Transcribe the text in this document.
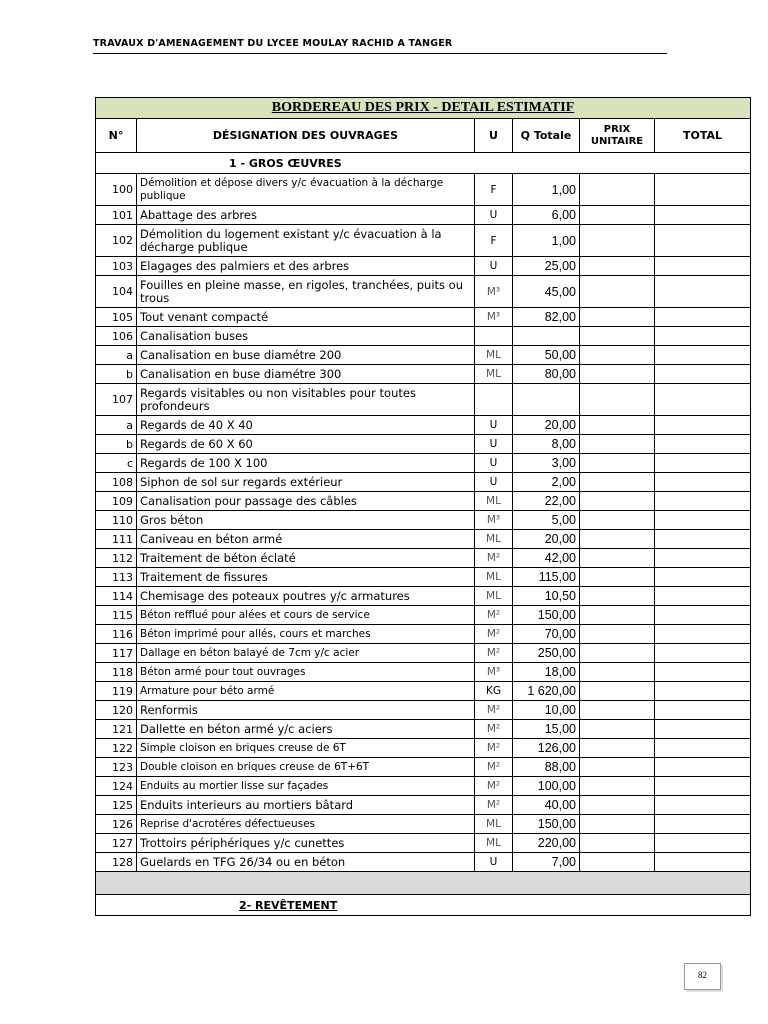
TRAVAUX D'AMENAGEMENT DU LYCEE MOULAY RACHID A TANGER
BORDEREAU DES PRIX - DETAIL ESTIMATIF					
N°	DÉSIGNATION DES OUVRAGES	U	Q Totale	PRIX UNITAIRE	TOTAL
1 - GROS ŒUVRES					
100	Démolition et dépose divers y/c évacuation à la décharge publique	F	1,00		
101	Abattage des arbres	U	6,00		
102	Démolition du logement existant y/c évacuation à la décharge publique	F	1,00		
103	Elagages des palmiers et des arbres	U	25,00		
104	Fouilles en pleine masse, en rigoles, tranchées, puits ou trous	M³	45,00		
105	Tout venant compacté	M³	82,00		
106	Canalisation buses				
a	Canalisation en buse diamétre 200	ML	50,00		
b	Canalisation en buse diamétre 300	ML	80,00		
107	Regards visitables ou non visitables pour toutes profondeurs				
a	Regards de 40 X 40	U	20,00		
b	Regards de 60 X 60	U	8,00		
c	Regards de 100 X 100	U	3,00		
108	Siphon de sol sur regards extérieur	U	2,00		
109	Canalisation pour passage des câbles	ML	22,00		
110	Gros béton	M³	5,00		
111	Caniveau en béton armé	ML	20,00		
112	Traitement de béton éclaté	M²	42,00		
113	Traitement de fissures	ML	115,00		
114	Chemisage des poteaux poutres y/c armatures	ML	10,50		
115	Béton refflué pour alées et cours de service	M²	150,00		
116	Béton imprimé pour allés, cours et marches	M²	70,00		
117	Dallage en béton balayé de 7cm y/c acier	M²	250,00		
118	Béton armé pour tout ouvrages	M³	18,00		
119	Armature pour béto armé	KG	1 620,00		
120	Renformis	M²	10,00		
121	Dallette en béton armé y/c aciers	M²	15,00		
122	Simple cloison en briques creuse de 6T	M²	126,00		
123	Double cloison en briques creuse de 6T+6T	M²	88,00		
124	Enduits au mortier lisse sur façades	M²	100,00		
125	Enduits interieurs au mortiers bâtard	M²	40,00		
126	Reprise d'acrotéres défectueuses	ML	150,00		
127	Trottoirs périphériques y/c cunettes	ML	220,00		
128	Guelards en TFG 26/34 ou en béton	U	7,00		

2- REVÊTEMENT					
82
